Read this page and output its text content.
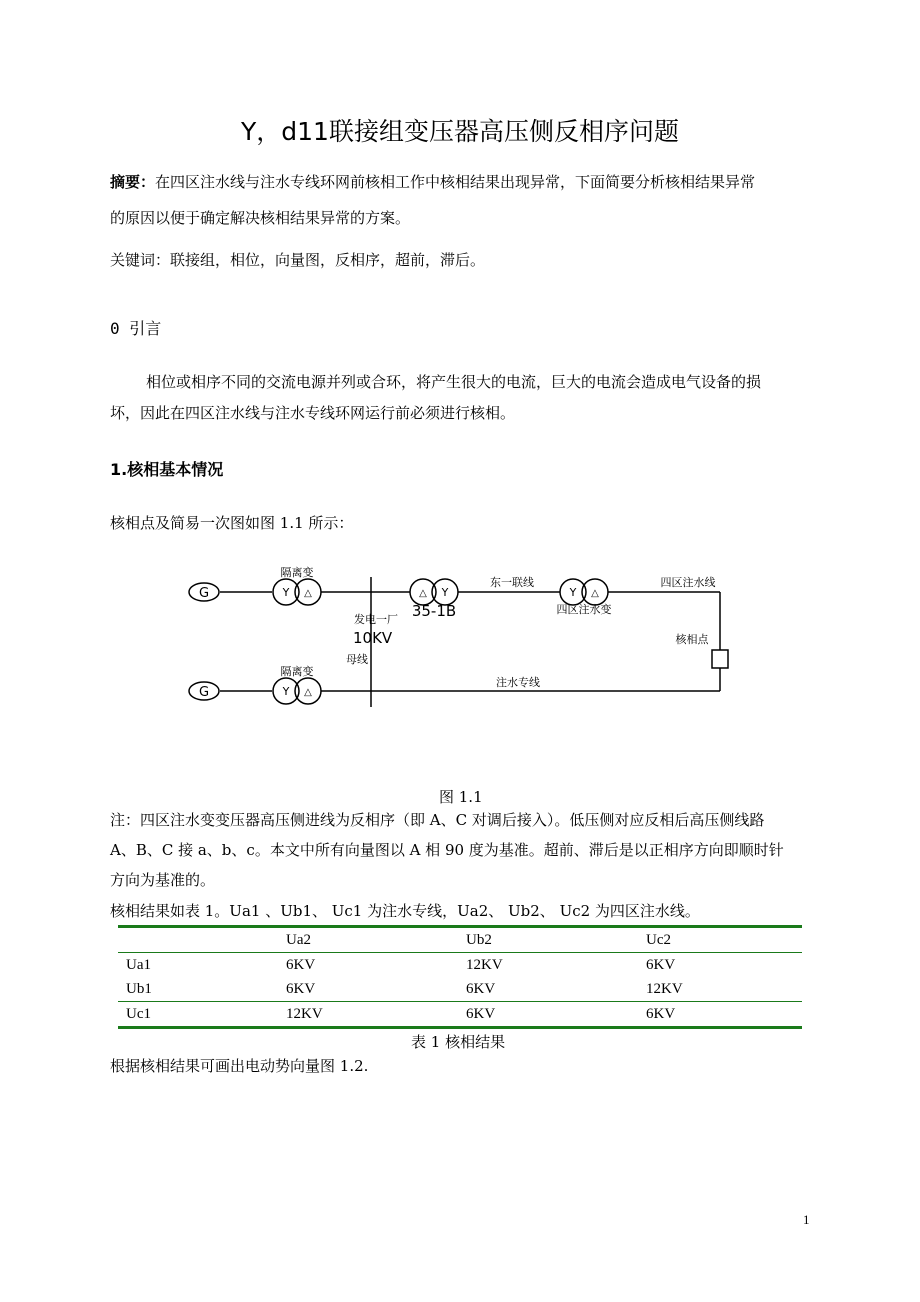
Y，d11联接组变压器高压侧反相序问题

摘要：在四区注水线与注水专线环网前核相工作中核相结果出现异常，下面简要分析核相结果异常

的原因以便于确定解决核相结果异常的方案。

关键词：联接组，相位，向量图，反相序，超前，滞后。

0 引言

相位或相序不同的交流电源并列或合环，将产生很大的电流，巨大的电流会造成电气设备的损

坏，因此在四区注水线与注水专线环网运行前必须进行核相。

1.核相基本情况

核相点及简易一次图如图 1.1 所示：

G	Y △
隔离变
△ Y
35-1B
东一联线
Y △
四区注水变
四区注水线
核相点
发电一厂
10KV
母线
G	Y △
隔离变
注水专线
图 1.1

注：四区注水变变压器高压侧进线为反相序（即 A、C 对调后接入）。低压侧对应反相后高压侧线路

A、B、C 接 a、b、c。本文中所有向量图以 A 相 90 度为基准。超前、滞后是以正相序方向即顺时针

方向为基准的。

核相结果如表 1。Ua1 、Ub1、 Uc1 为注水专线，Ua2、 Ub2、 Uc2 为四区注水线。

	Ua2	Ub2	Uc2
Ua1	6KV	12KV	6KV
Ub1	6KV	6KV	12KV
Uc1	12KV	6KV	6KV
表 1 核相结果

根据核相结果可画出电动势向量图 1.2.

1
